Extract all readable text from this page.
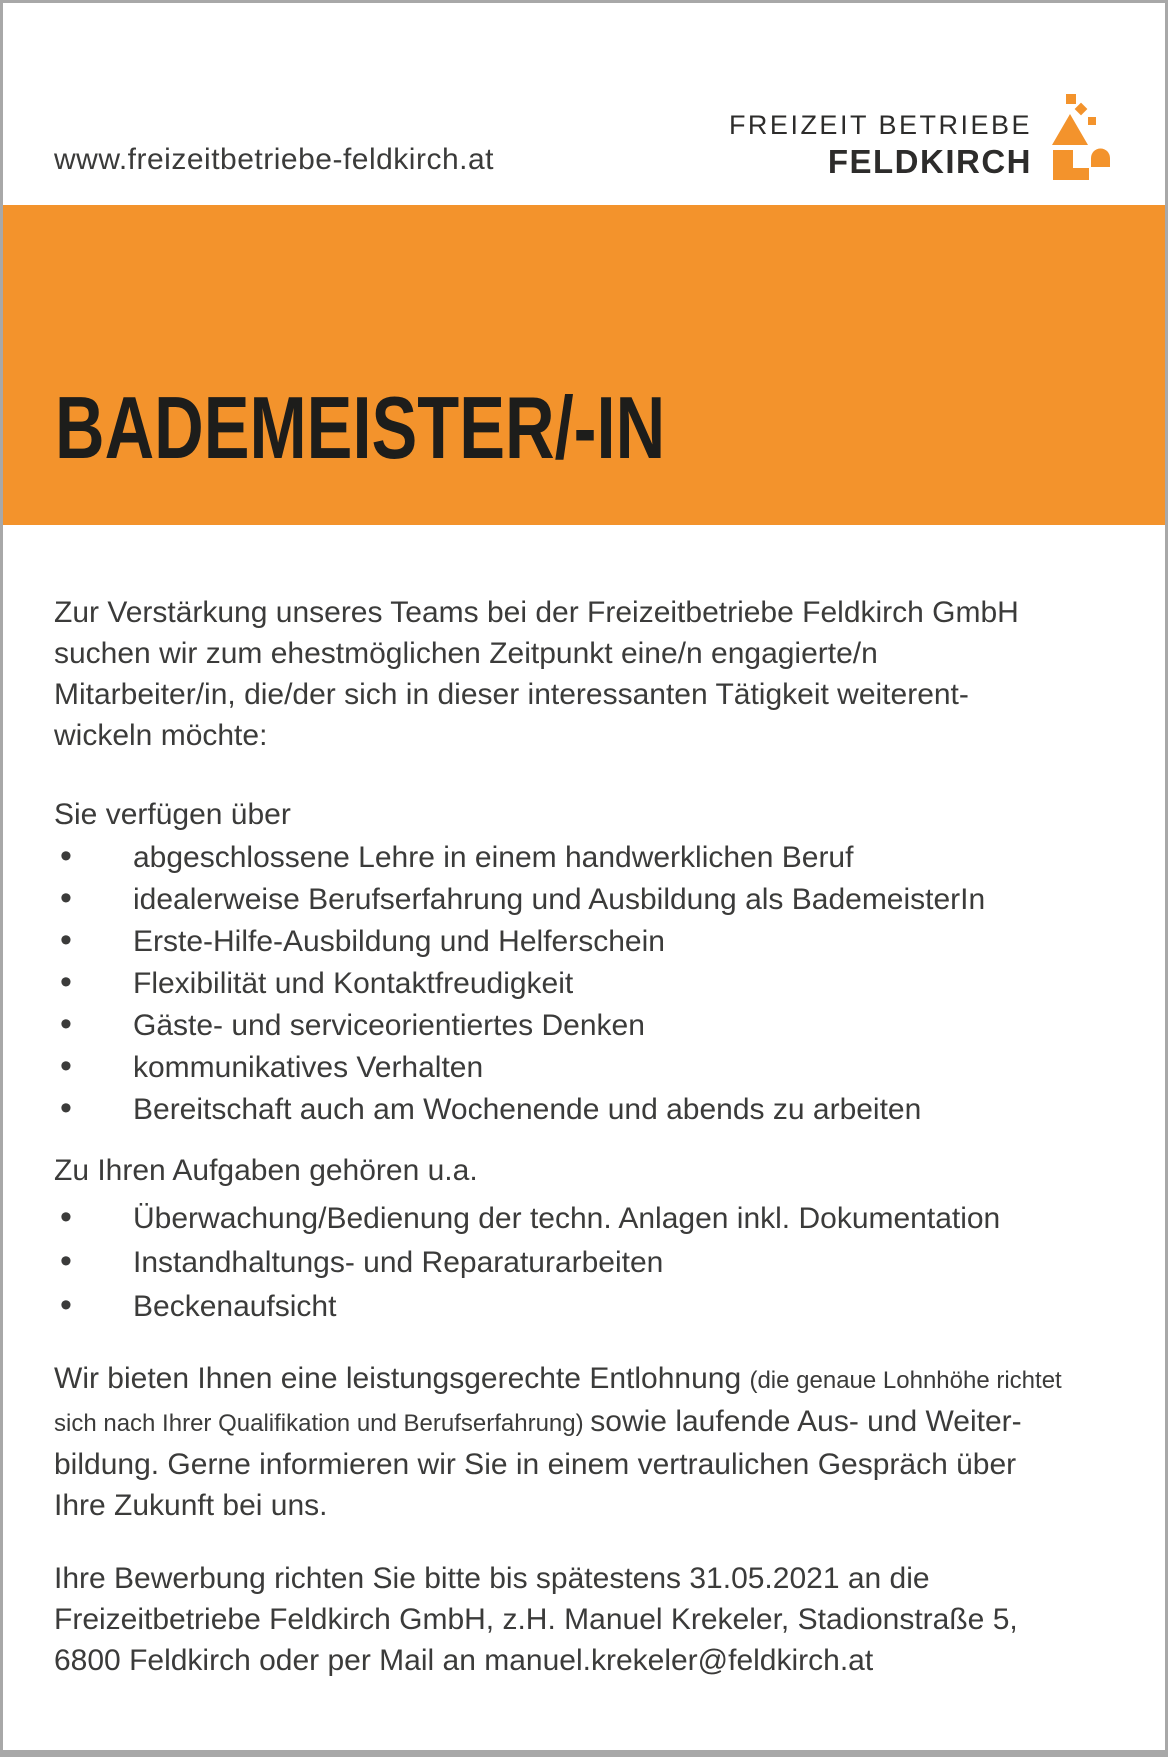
www.freizeitbetriebe-feldkirch.at
FREIZEIT BETRIEBE
FELDKIRCH
BADEMEISTER/-IN
Zur Verstärkung unseres Teams bei der Freizeitbetriebe Feldkirch GmbH
suchen wir zum ehestmöglichen Zeitpunkt eine/n engagierte/n
Mitarbeiter/in, die/der sich in dieser interessanten Tätigkeit weiterent-
wickeln möchte:
Sie verfügen über
•
abgeschlossene Lehre in einem handwerklichen Beruf
•
idealerweise Berufserfahrung und Ausbildung als BademeisterIn
•
Erste-Hilfe-Ausbildung und Helferschein
•
Flexibilität und Kontaktfreudigkeit
•
Gäste- und serviceorientiertes Denken
•
kommunikatives Verhalten
•
Bereitschaft auch am Wochenende und abends zu arbeiten
Zu Ihren Aufgaben gehören u.a.
•
Überwachung/Bedienung der techn. Anlagen inkl. Dokumentation
•
Instandhaltungs- und Reparaturarbeiten
•
Beckenaufsicht
Wir bieten Ihnen eine leistungsgerechte Entlohnung (die genaue Lohnhöhe richtet
sich nach Ihrer Qualifikation und Berufserfahrung) sowie laufende Aus- und Weiter-
bildung. Gerne informieren wir Sie in einem vertraulichen Gespräch über
Ihre Zukunft bei uns.
Ihre Bewerbung richten Sie bitte bis spätestens 31.05.2021 an die
Freizeitbetriebe Feldkirch GmbH, z.H. Manuel Krekeler, Stadionstraße 5,
6800 Feldkirch oder per Mail an manuel.krekeler@feldkirch.at
